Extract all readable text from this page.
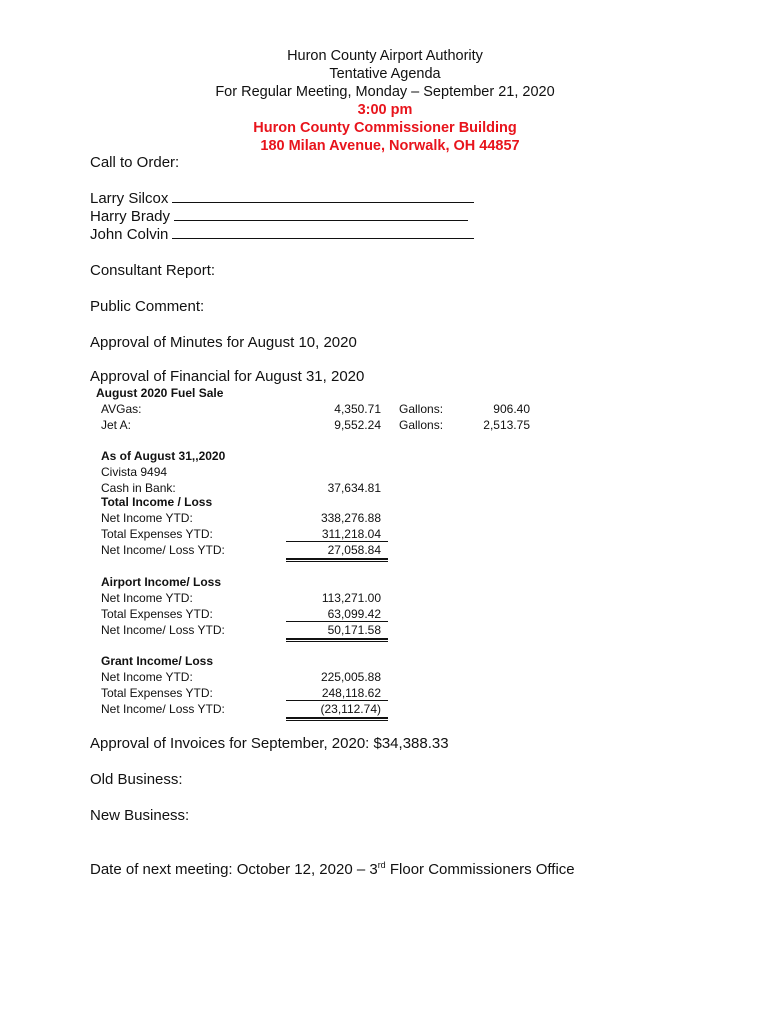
Huron County Airport Authority
Tentative Agenda
For Regular Meeting, Monday – September 21, 2020
3:00 pm
Huron County Commissioner Building
180 Milan Avenue, Norwalk, OH 44857
Call to Order:
Larry Silcox
Harry Brady
John Colvin
Consultant Report:
Public Comment:
Approval of Minutes for August 10, 2020
Approval of Financial for August 31, 2020
August 2020 Fuel Sale
AVGas:	4,350.71 Gallons:	906.40
Jet A:	9,552.24 Gallons:	2,513.75
As of August 31,,2020
Civista 9494
Cash in Bank:	37,634.81
Total Income / Loss
Net Income YTD:	338,276.88
Total Expenses YTD:	311,218.04
Net Income/ Loss YTD:	27,058.84
Airport Income/ Loss
Net Income YTD:	113,271.00
Total Expenses YTD:	63,099.42
Net Income/ Loss YTD:	50,171.58
Grant Income/ Loss
Net Income YTD:	225,005.88
Total Expenses YTD:	248,118.62
Net Income/ Loss YTD:	(23,112.74)
Approval of Invoices for September, 2020: $34,388.33
Old Business:
New Business:
Date of next meeting: October 12, 2020 – 3rd Floor Commissioners Office
